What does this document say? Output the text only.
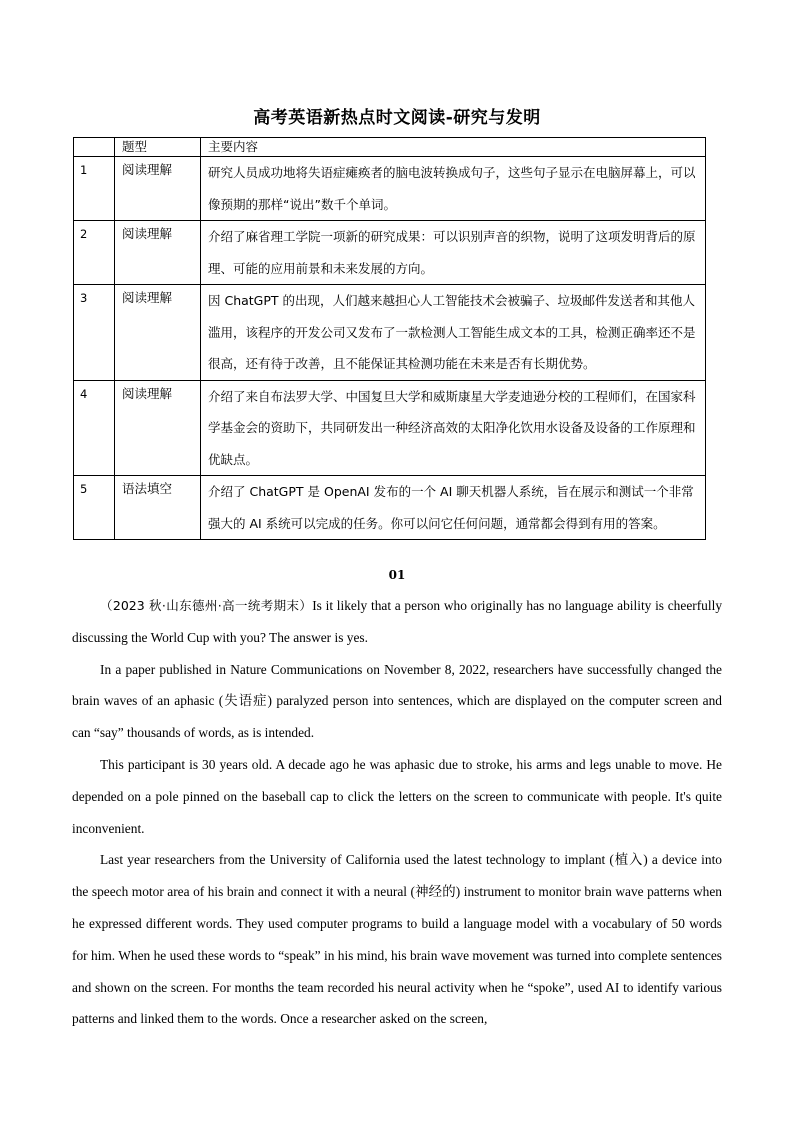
高考英语新热点时文阅读-研究与发明
	题型	主要内容
1	阅读理解	研究人员成功地将失语症瘫痪者的脑电波转换成句子，这些句子显示在电脑屏幕上，可以像预期的那样“说出”数千个单词。
2	阅读理解	介绍了麻省理工学院一项新的研究成果：可以识别声音的织物，说明了这项发明背后的原理、可能的应用前景和未来发展的方向。
3	阅读理解	因 ChatGPT 的出现，人们越来越担心人工智能技术会被骗子、垃圾邮件发送者和其他人滥用，该程序的开发公司又发布了一款检测人工智能生成文本的工具，检测正确率还不是很高，还有待于改善，且不能保证其检测功能在未来是否有长期优势。
4	阅读理解	介绍了来自布法罗大学、中国复旦大学和威斯康星大学麦迪逊分校的工程师们，在国家科学基金会的资助下，共同研发出一种经济高效的太阳净化饮用水设备及设备的工作原理和优缺点。
5	语法填空	介绍了 ChatGPT 是 OpenAI 发布的一个 AI 聊天机器人系统，旨在展示和测试一个非常强大的 AI 系统可以完成的任务。你可以问它任何问题，通常都会得到有用的答案。
01

（2023 秋·山东德州·高一统考期末）Is it likely that a person who originally has no language ability is cheerfully discussing the World Cup with you? The answer is yes.

In a paper published in Nature Communications on November 8, 2022, researchers have successfully changed the brain waves of an aphasic (失语症) paralyzed person into sentences, which are displayed on the computer screen and can “say” thousands of words, as is intended.

This participant is 30 years old. A decade ago he was aphasic due to stroke, his arms and legs unable to move. He depended on a pole pinned on the baseball cap to click the letters on the screen to communicate with people. It's quite inconvenient.

Last year researchers from the University of California used the latest technology to implant (植入) a device into the speech motor area of his brain and connect it with a neural (神经的) instrument to monitor brain wave patterns when he expressed different words. They used computer programs to build a language model with a vocabulary of 50 words for him. When he used these words to “speak” in his mind, his brain wave movement was turned into complete sentences and shown on the screen. For months the team recorded his neural activity when he “spoke”, used AI to identify various patterns and linked them to the words. Once a researcher asked on the screen,
